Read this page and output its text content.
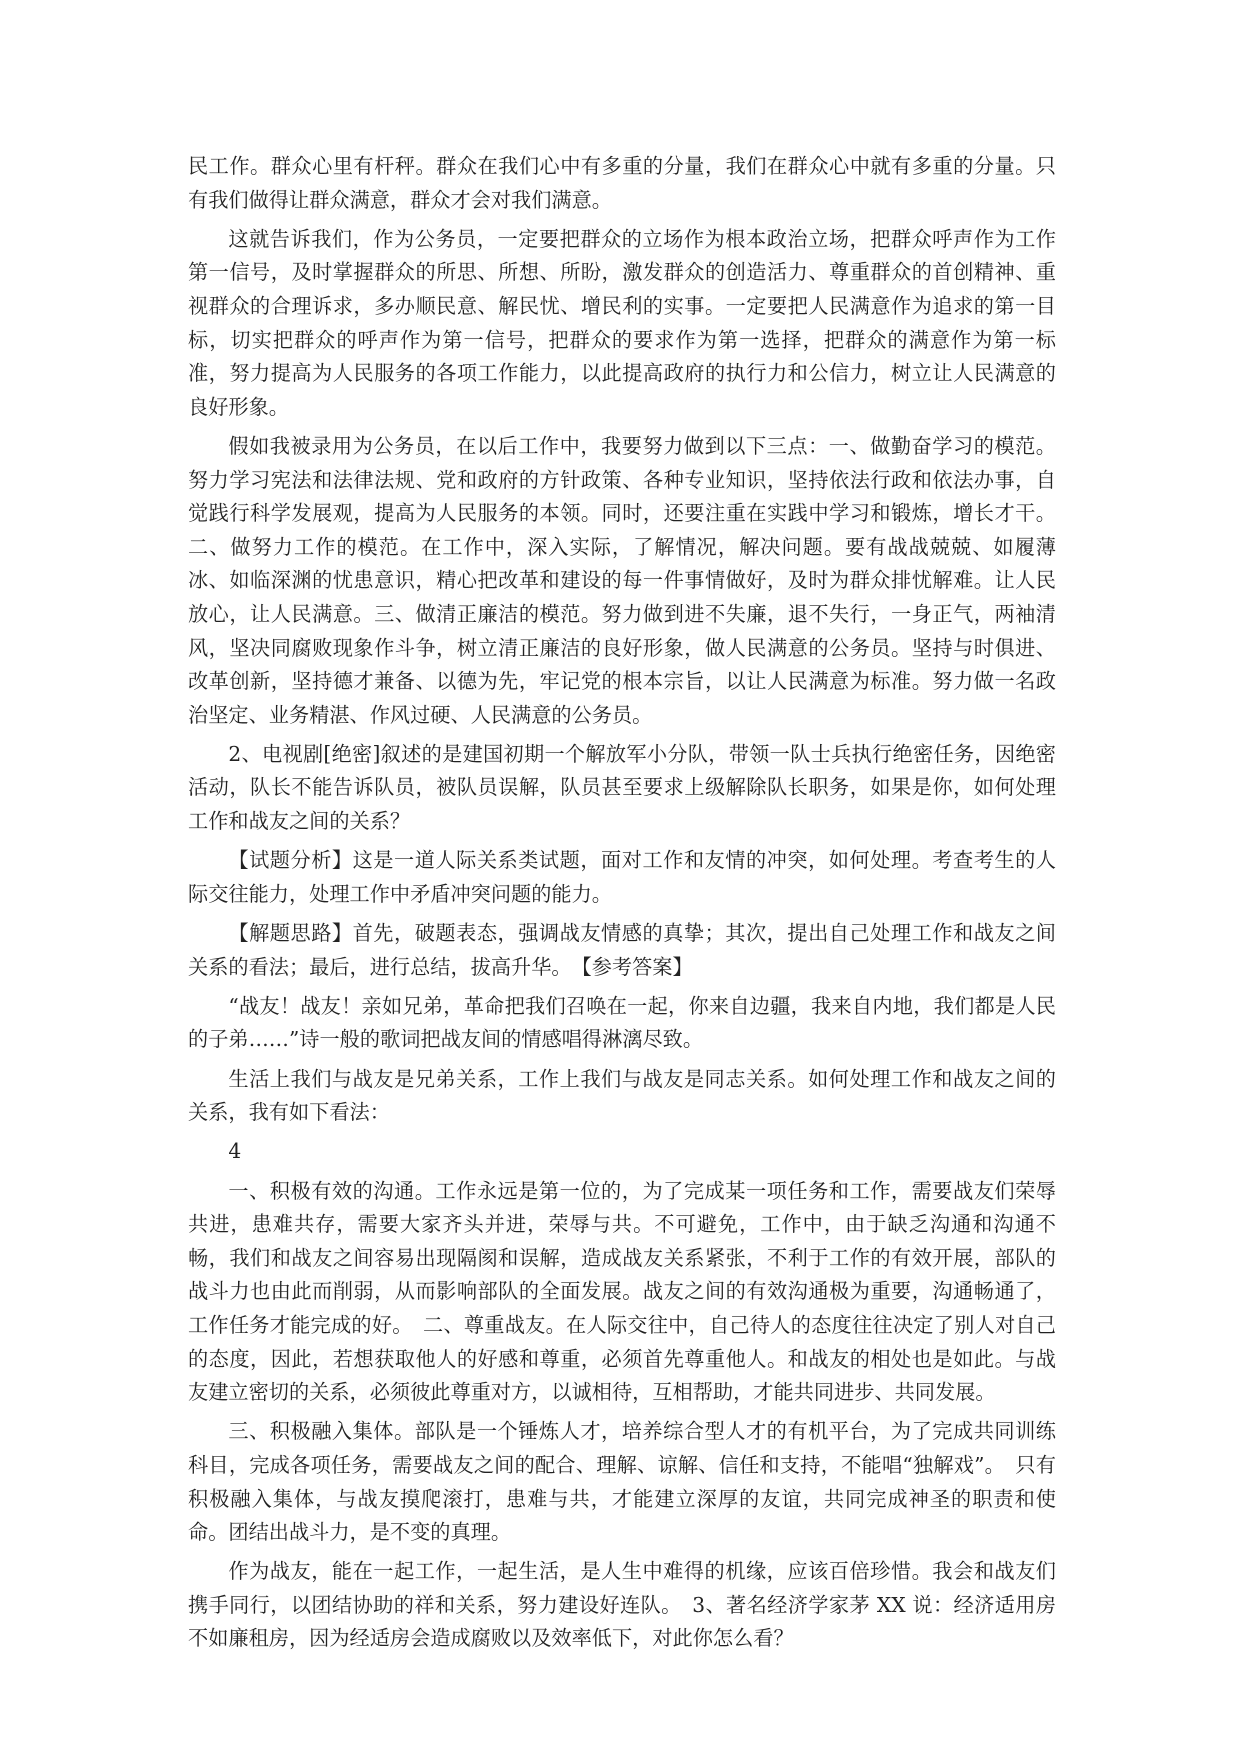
民工作。群众心里有杆秤。群众在我们心中有多重的分量，我们在群众心中就有多重的分量。只有我们做得让群众满意，群众才会对我们满意。

这就告诉我们，作为公务员，一定要把群众的立场作为根本政治立场，把群众呼声作为工作第一信号，及时掌握群众的所思、所想、所盼，激发群众的创造活力、尊重群众的首创精神、重视群众的合理诉求，多办顺民意、解民忧、增民利的实事。一定要把人民满意作为追求的第一目标，切实把群众的呼声作为第一信号，把群众的要求作为第一选择，把群众的满意作为第一标准，努力提高为人民服务的各项工作能力，以此提高政府的执行力和公信力，树立让人民满意的良好形象。

假如我被录用为公务员，在以后工作中，我要努力做到以下三点：一、做勤奋学习的模范。努力学习宪法和法律法规、党和政府的方针政策、各种专业知识，坚持依法行政和依法办事，自觉践行科学发展观，提高为人民服务的本领。同时，还要注重在实践中学习和锻炼，增长才干。二、做努力工作的模范。在工作中，深入实际，了解情况，解决问题。要有战战兢兢、如履薄冰、如临深渊的忧患意识，精心把改革和建设的每一件事情做好，及时为群众排忧解难。让人民放心，让人民满意。三、做清正廉洁的模范。努力做到进不失廉，退不失行，一身正气，两袖清风，坚决同腐败现象作斗争，树立清正廉洁的良好形象，做人民满意的公务员。坚持与时俱进、改革创新，坚持德才兼备、以德为先，牢记党的根本宗旨，以让人民满意为标准。努力做一名政治坚定、业务精湛、作风过硬、人民满意的公务员。

2、电视剧[绝密]叙述的是建国初期一个解放军小分队，带领一队士兵执行绝密任务，因绝密活动，队长不能告诉队员，被队员误解，队员甚至要求上级解除队长职务，如果是你，如何处理工作和战友之间的关系？

【试题分析】这是一道人际关系类试题，面对工作和友情的冲突，如何处理。考查考生的人际交往能力，处理工作中矛盾冲突问题的能力。

【解题思路】首先，破题表态，强调战友情感的真挚；其次，提出自己处理工作和战友之间关系的看法；最后，进行总结，拔高升华。　【参考答案】

“战友！战友！亲如兄弟，革命把我们召唤在一起，你来自边疆，我来自内地，我们都是人民的子弟……”诗一般的歌词把战友间的情感唱得淋漓尽致。

生活上我们与战友是兄弟关系，工作上我们与战友是同志关系。如何处理工作和战友之间的关系，我有如下看法：

4

一、积极有效的沟通。工作永远是第一位的，为了完成某一项任务和工作，需要战友们荣辱共进，患难共存，需要大家齐头并进，荣辱与共。不可避免，工作中，由于缺乏沟通和沟通不畅，我们和战友之间容易出现隔阂和误解，造成战友关系紧张，不利于工作的有效开展，部队的战斗力也由此而削弱，从而影响部队的全面发展。战友之间的有效沟通极为重要，沟通畅通了，工作任务才能完成的好。　二、尊重战友。在人际交往中，自己待人的态度往往决定了别人对自己的态度，因此，若想获取他人的好感和尊重，必须首先尊重他人。和战友的相处也是如此。与战友建立密切的关系，必须彼此尊重对方，以诚相待，互相帮助，才能共同进步、共同发展。

三、积极融入集体。部队是一个锤炼人才，培养综合型人才的有机平台，为了完成共同训练科目，完成各项任务，需要战友之间的配合、理解、谅解、信任和支持，不能唱“独解戏”。　只有积极融入集体，与战友摸爬滚打，患难与共，才能建立深厚的友谊，共同完成神圣的职责和使命。团结出战斗力，是不变的真理。

作为战友，能在一起工作，一起生活，是人生中难得的机缘，应该百倍珍惜。我会和战友们携手同行，以团结协助的祥和关系，努力建设好连队。　3、著名经济学家茅 XX 说：经济适用房不如廉租房，因为经适房会造成腐败以及效率低下，对此你怎么看？
